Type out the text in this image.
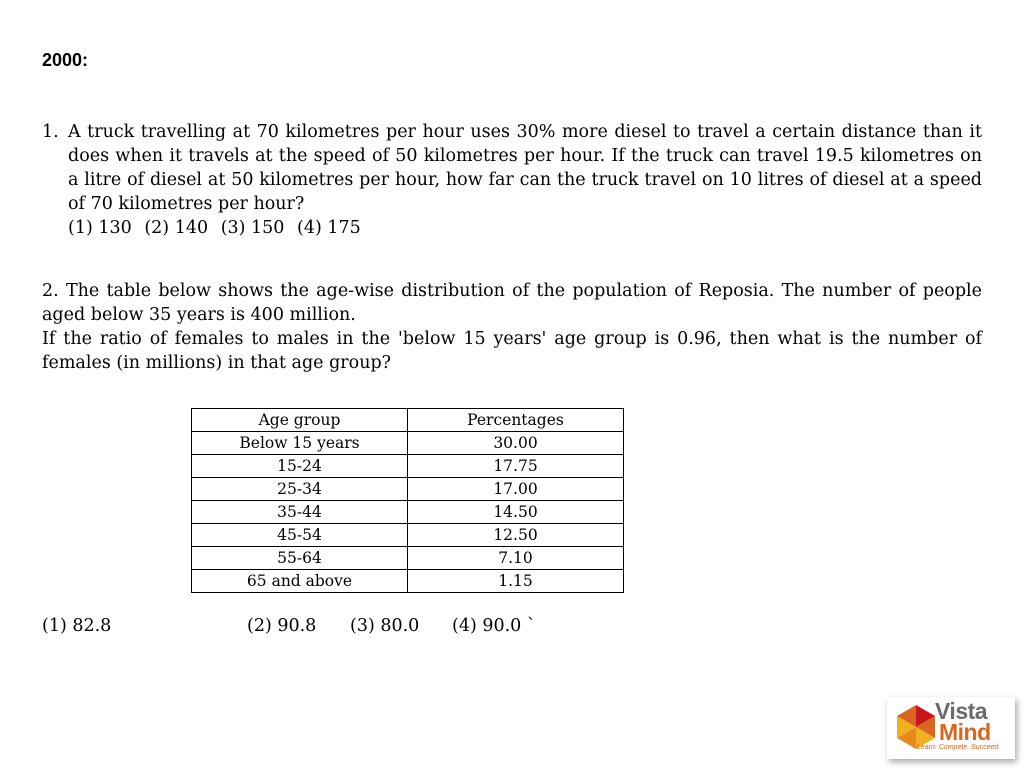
2000:
1. A truck travelling at 70 kilometres per hour uses 30% more diesel to travel a certain distance than it does when it travels at the speed of 50 kilometres per hour. If the truck can travel 19.5 kilometres on a litre of diesel at 50 kilometres per hour, how far can the truck travel on 10 litres of diesel at a speed of 70 kilometres per hour?
(1) 130 (2) 140 (3) 150 (4) 175

2. The table below shows the age-wise distribution of the population of Reposia. The number of people aged below 35 years is 400 million.

If the ratio of females to males in the 'below 15 years' age group is 0.96, then what is the number of females (in millions) in that age group?

Age group	Percentages
Below 15 years	30.00
15-24	17.75
25-34	17.00
35-44	14.50
45-54	12.50
55-64	7.10
65 and above	1.15
(1) 82.8	(2) 90.8 (3) 80.0 (4) 90.0 `
Vista
Mind
Learn. Compete. Succeed.
